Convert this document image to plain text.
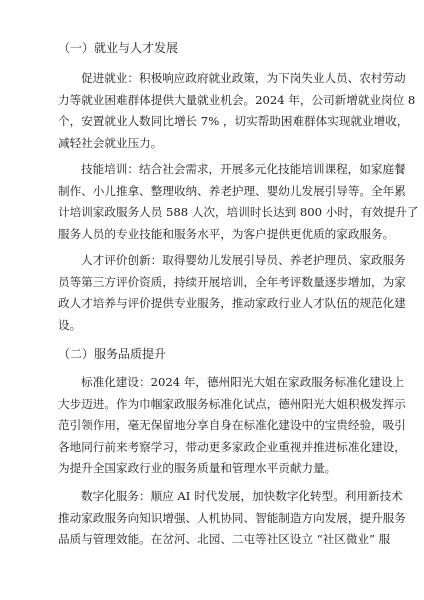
（一）就业与人才发展
促进就业：积极响应政府就业政策，为下岗失业人员、农村劳动
力等就业困难群体提供大量就业机会。2024 年，公司新增就业岗位 8
个，安置就业人数同比增长 7% ，切实帮助困难群体实现就业增收，
减轻社会就业压力。
技能培训：结合社会需求，开展多元化技能培训课程，如家庭餐
制作、小儿推拿、整理收纳、养老护理、婴幼儿发展引导等。全年累
计培训家政服务人员 588 人次，培训时长达到 800 小时，有效提升了
服务人员的专业技能和服务水平，为客户提供更优质的家政服务。
人才评价创新：取得婴幼儿发展引导员、养老护理员、家政服务
员等第三方评价资质，持续开展培训，全年考评数量逐步增加，为家
政人才培养与评价提供专业服务，推动家政行业人才队伍的规范化建
设。
（二）服务品质提升
标准化建设：2024 年，德州阳光大姐在家政服务标准化建设上
大步迈进。作为巾帼家政服务标准化试点，德州阳光大姐积极发挥示
范引领作用，毫无保留地分享自身在标准化建设中的宝贵经验，吸引
各地同行前来考察学习，带动更多家政企业重视并推进标准化建设，
为提升全国家政行业的服务质量和管理水平贡献力量。
数字化服务：顺应 AI 时代发展，加快数字化转型。利用新技术
推动家政服务向知识增强、人机协同、智能制造方向发展，提升服务
品质与管理效能。在岔河、北园、二屯等社区设立 “社区微业” 服
